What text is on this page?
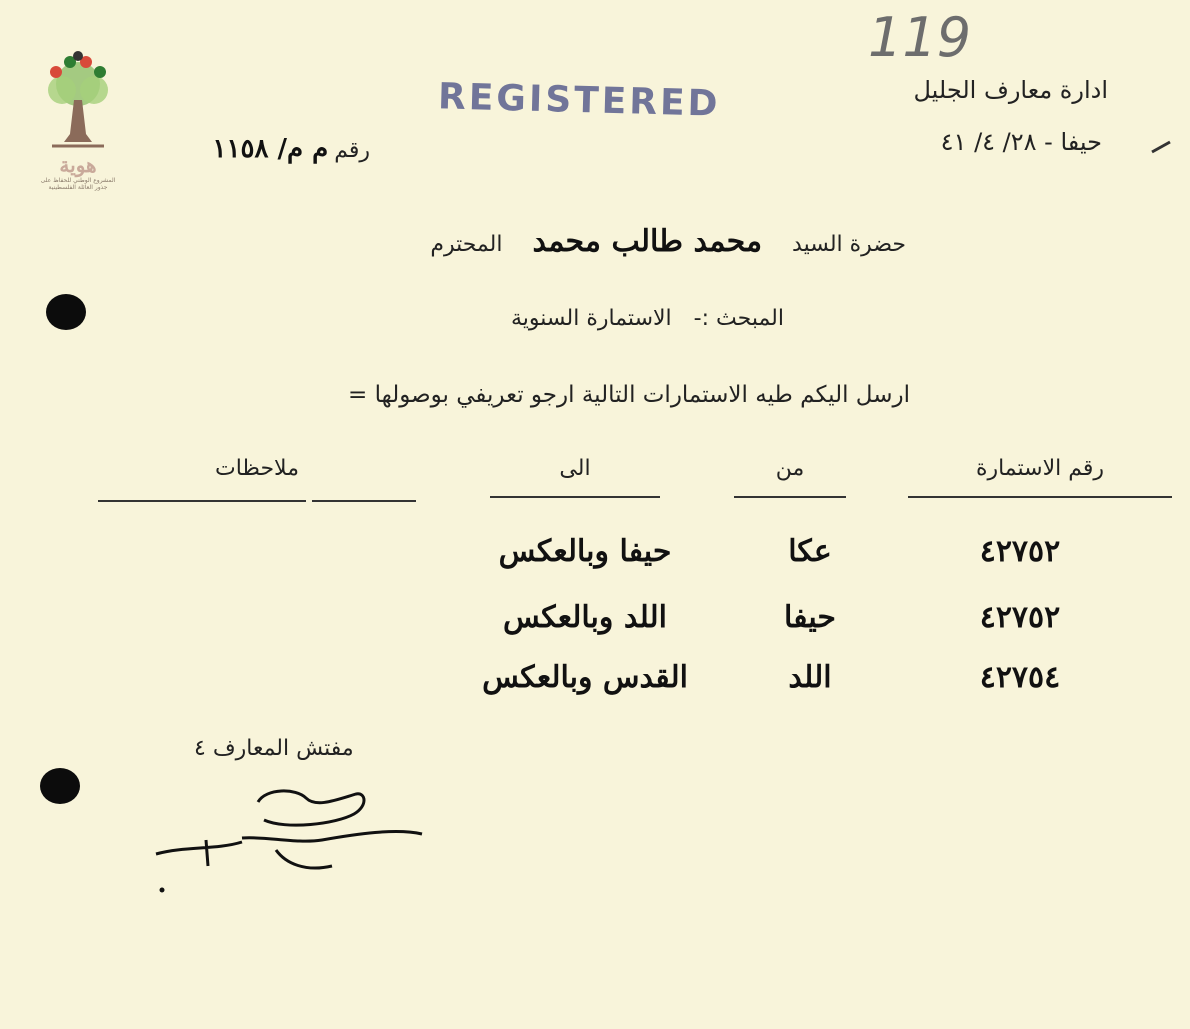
119
هوية
المشروع الوطني للحفاظ على
جذور العائلة الفلسطينية
REGISTERED	ادارة معارف الجليل
حيفا - ٢٨/ ٤/ ٤١
رقم
م م/ ١١٥٨
حضرة السيد
محمد طالب محمد
المحترم
المبحث :-
الاستمارة السنوية
ارسل اليكم طيه الاستمارات التالية ارجو تعريفي بوصولها =
رقم الاستمارة
من
الى
ملاحظات
٤٢٧٥٢
عكا
حيفا وبالعكس
٤٢٧٥٢
حيفا
اللد وبالعكس
٤٢٧٥٤
اللد
القدس وبالعكس
مفتش المعارف ٤
